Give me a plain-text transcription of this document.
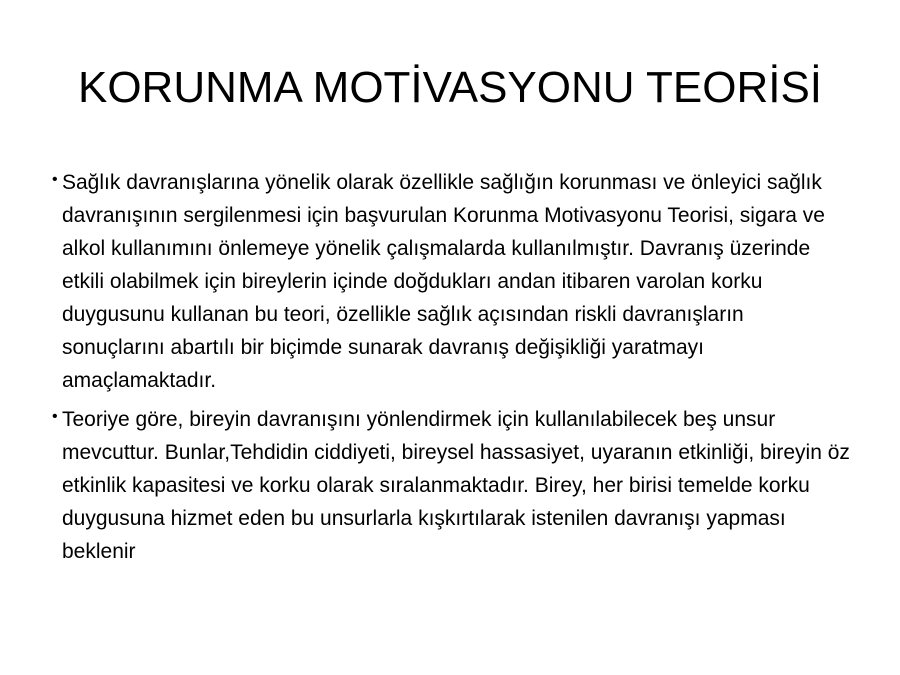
KORUNMA MOTİVASYONU TEORİSİ
• Sağlık davranışlarına yönelik olarak özellikle sağlığın korunması ve önleyici sağlık davranışının sergilenmesi için başvurulan Korunma Motivasyonu Teorisi, sigara ve alkol kullanımını önlemeye yönelik çalışmalarda kullanılmıştır. Davranış üzerinde etkili olabilmek için bireylerin içinde doğdukları andan itibaren varolan korku duygusunu kullanan bu teori, özellikle sağlık açısından riskli davranışların sonuçlarını abartılı bir biçimde sunarak davranış değişikliği yaratmayı amaçlamaktadır.
• Teoriye göre, bireyin davranışını yönlendirmek için kullanılabilecek beş unsur mevcuttur. Bunlar,Tehdidin ciddiyeti, bireysel hassasiyet, uyaranın etkinliği, bireyin öz etkinlik kapasitesi ve korku olarak sıralanmaktadır. Birey, her birisi temelde korku duygusuna hizmet eden bu unsurlarla kışkırtılarak istenilen davranışı yapması beklenir
